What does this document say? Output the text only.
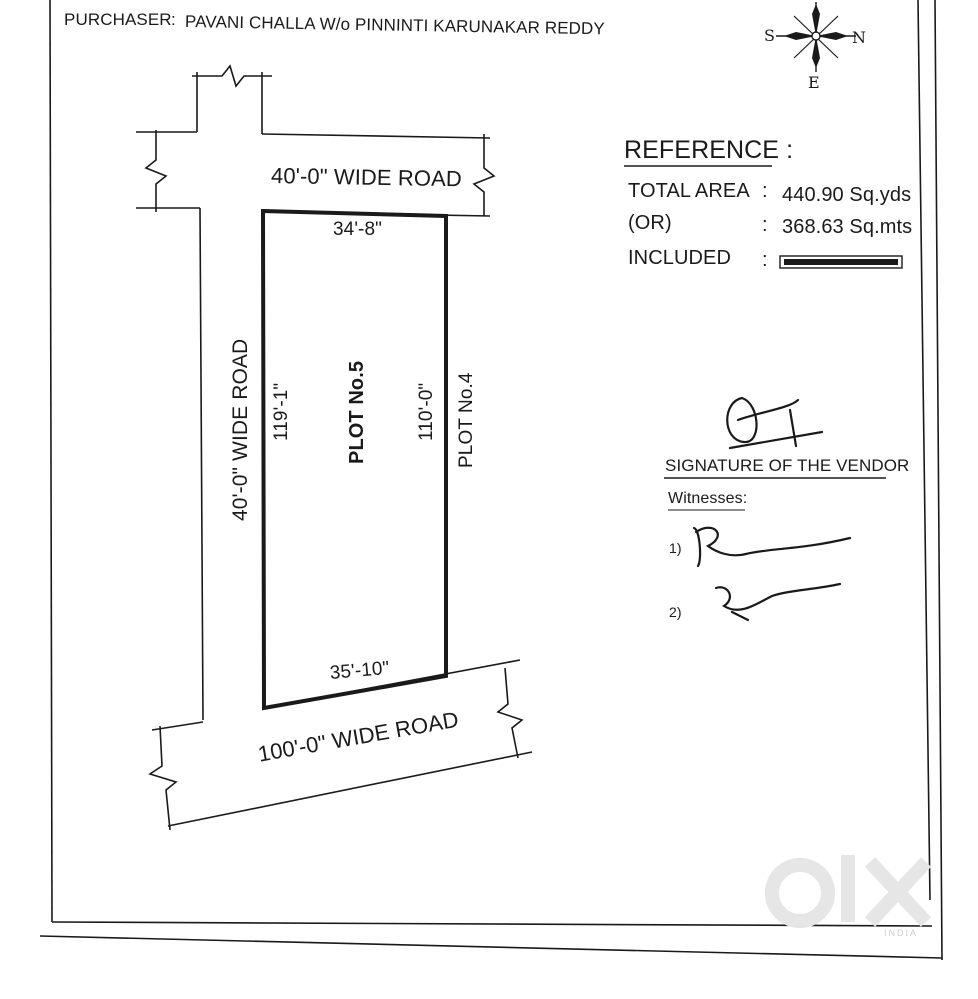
PURCHASER : PAVANI CHALLA W/o PINNINTI KARUNAKAR REDDY	S	N
E
40'-0" WIDE ROAD
40'-0" WIDE ROAD
100'-0" WIDE ROAD
34'-8"
35'-10"
119'-1"	110'-0"
PLOT No.5	PLOT No.4
REFERENCE :
TOTAL AREA : 440.90 Sq.yds
(OR)	: 368.63 Sq.mts
INCLUDED :
SIGNATURE OF THE VENDOR
Witnesses:
1)
2)
INDIA
